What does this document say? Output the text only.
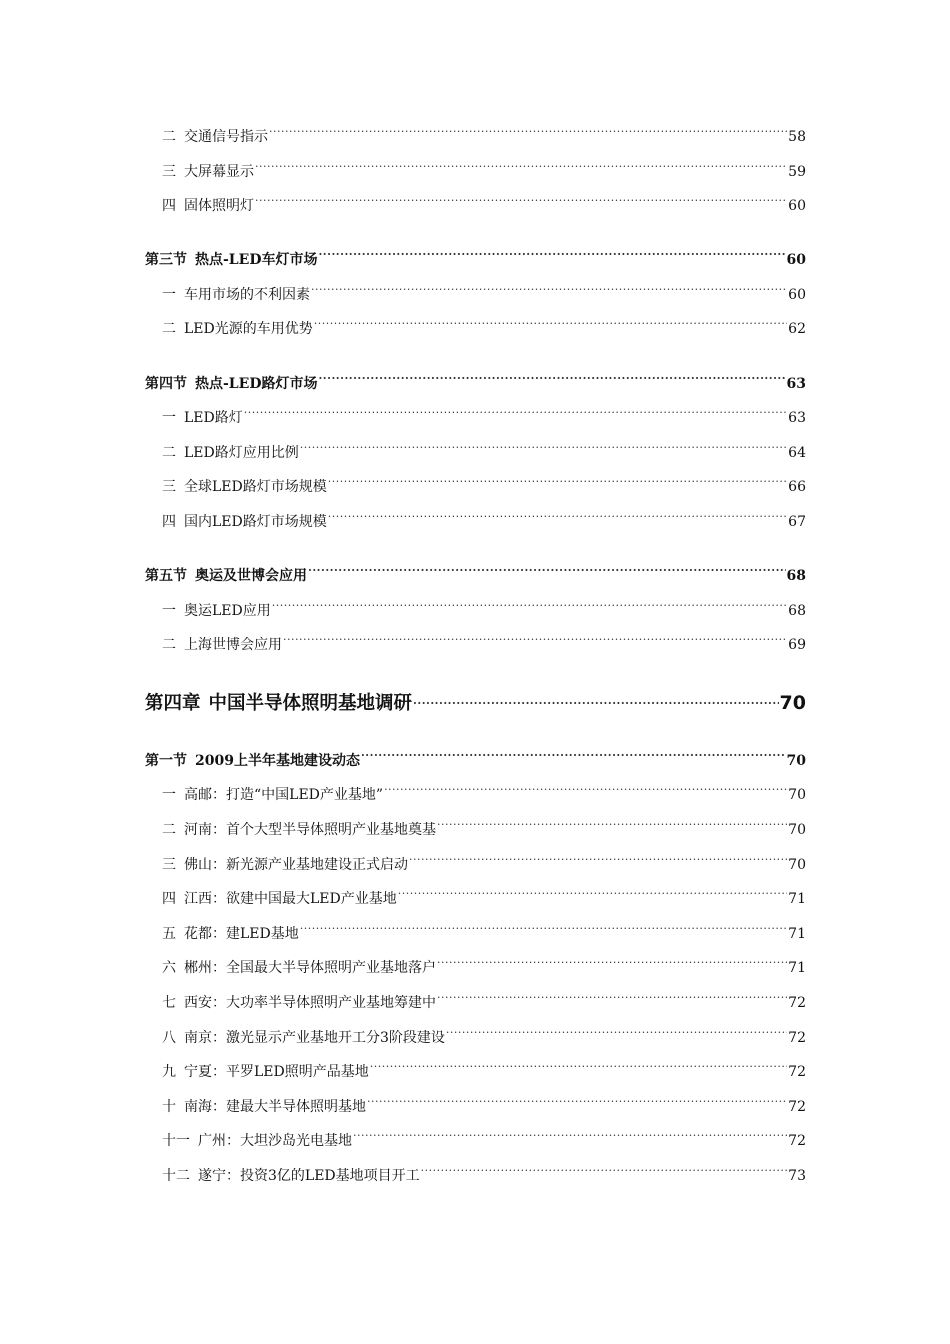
二 交通信号指示 ·····	58
三 大屏幕显示 ·····	59
四 固体照明灯 ·····	60
第三节 热点-LED车灯市场 ·····	60
一 车用市场的不利因素 ·····	60
二 LED光源的车用优势 ·····	62
第四节 热点-LED路灯市场 ·····	63
一 LED路灯 ·····	63
二 LED路灯应用比例 ·····	64
三 全球LED路灯市场规模 ·····	66
四 国内LED路灯市场规模 ·····	67
第五节 奥运及世博会应用 ·····	68
一 奥运LED应用 ·····	68
二 上海世博会应用 ·····	69
第四章 中国半导体照明基地调研 ·····	70
第一节 2009上半年基地建设动态 ·····	70
一 高邮：打造“中国LED产业基地” ·····	70
二 河南：首个大型半导体照明产业基地奠基 ·····	70
三 佛山：新光源产业基地建设正式启动 ·····	70
四 江西：欲建中国最大LED产业基地 ·····	71
五 花都：建LED基地 ·····	71
六 郴州：全国最大半导体照明产业基地落户 ·····	71
七 西安：大功率半导体照明产业基地筹建中 ·····	72
八 南京：激光显示产业基地开工分3阶段建设 ·····	72
九 宁夏：平罗LED照明产品基地 ·····	72
十 南海：建最大半导体照明基地 ·····	72
十一 广州：大坦沙岛光电基地 ·····	72
十二 遂宁：投资3亿的LED基地项目开工 ·····	73
